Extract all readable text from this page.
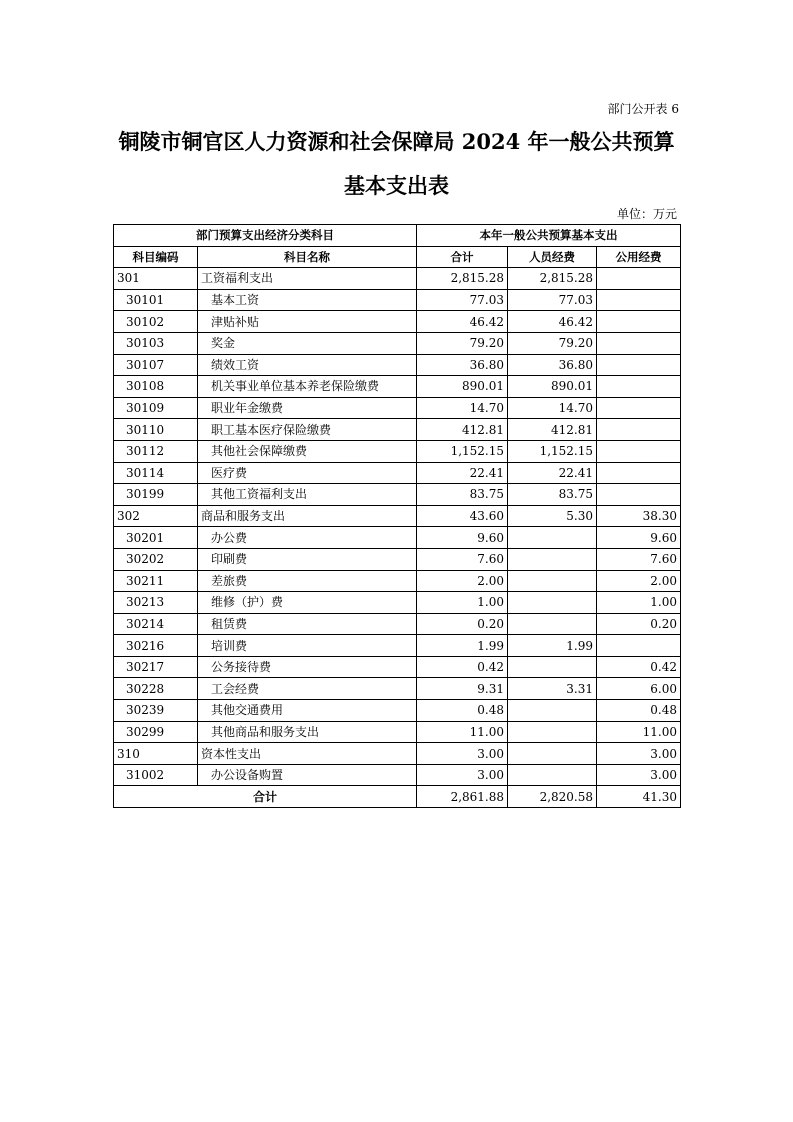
部门公开表 6
铜陵市铜官区人力资源和社会保障局 2024 年一般公共预算
基本支出表
单位：万元
部门预算支出经济分类科目		本年一般公共预算基本支出		
科目编码	科目名称	合计	人员经费	公用经费
301	工资福利支出	2,815.28	2,815.28	
30101	基本工资	77.03	77.03	
30102	津贴补贴	46.42	46.42	
30103	奖金	79.20	79.20	
30107	绩效工资	36.80	36.80	
30108	机关事业单位基本养老保险缴费	890.01	890.01	
30109	职业年金缴费	14.70	14.70	
30110	职工基本医疗保险缴费	412.81	412.81	
30112	其他社会保障缴费	1,152.15	1,152.15	
30114	医疗费	22.41	22.41	
30199	其他工资福利支出	83.75	83.75	
302	商品和服务支出	43.60	5.30	38.30
30201	办公费	9.60		9.60
30202	印刷费	7.60		7.60
30211	差旅费	2.00		2.00
30213	维修（护）费	1.00		1.00
30214	租赁费	0.20		0.20
30216	培训费	1.99	1.99	
30217	公务接待费	0.42		0.42
30228	工会经费	9.31	3.31	6.00
30239	其他交通费用	0.48		0.48
30299	其他商品和服务支出	11.00		11.00
310	资本性支出	3.00		3.00
31002	办公设备购置	3.00		3.00
合计		2,861.88	2,820.58	41.30
